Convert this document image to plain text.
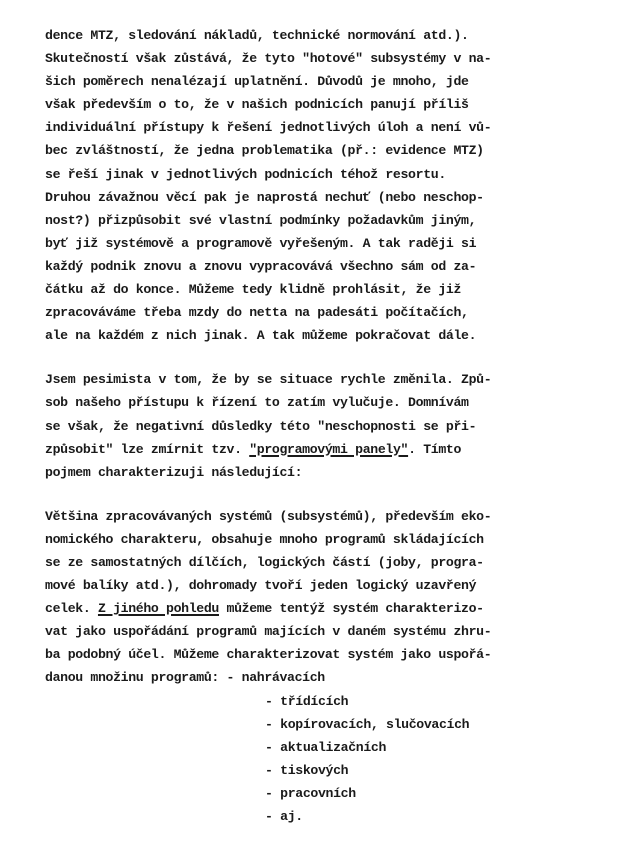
dence MTZ, sledování nákladů, technické normování atd.).
Skutečností však zůstává, že tyto "hotové" subsystémy v na-
šich poměrech nenalézají uplatnění. Důvodů je mnoho, jde
však především o to, že v našich podnicích panují příliš
individuální přístupy k řešení jednotlivých úloh a není vů-
bec zvláštností, že jedna problematika (př.: evidence MTZ)
se řeší jinak v jednotlivých podnicích téhož resortu.
Druhou závažnou věcí pak je naprostá nechuť (nebo neschop-
nost?) přizpůsobit své vlastní podmínky požadavkům jiným,
byť již systémově a programově vyřešeným. A tak raději si
každý podnik znovu a znovu vypracovává všechno sám od za-
čátku až do konce. Můžeme tedy klidně prohlásit, že již
zpracováváme třeba mzdy do netta na padesáti počítačích,
ale na každém z nich jinak. A tak můžeme pokračovat dále.
Jsem pesimista v tom, že by se situace rychle změnila. Způ-
sob našeho přístupu k řízení to zatím vylučuje. Domnívám
se však, že negativní důsledky této "neschopnosti se při-
způsobit" lze zmírnit tzv. "programovými panely". Tímto
pojmem charakterizuji následující:
Většina zpracovávaných systémů (subsystémů), především eko-
nomického charakteru, obsahuje mnoho programů skládajících
se ze samostatných dílčích, logických částí (joby, progra-
mové balíky atd.), dohromady tvoří jeden logický uzavřený
celek. Z jiného pohledu můžeme tentýž systém charakterizo-
vat jako uspořádání programů majících v daném systému zhru-
ba podobný účel. Můžeme charakterizovat systém jako uspořá-
danou množinu programů: - nahrávacích
- třídících
- kopírovacích, slučovacích
- aktualizačních
- tiskových
- pracovních
- aj.
